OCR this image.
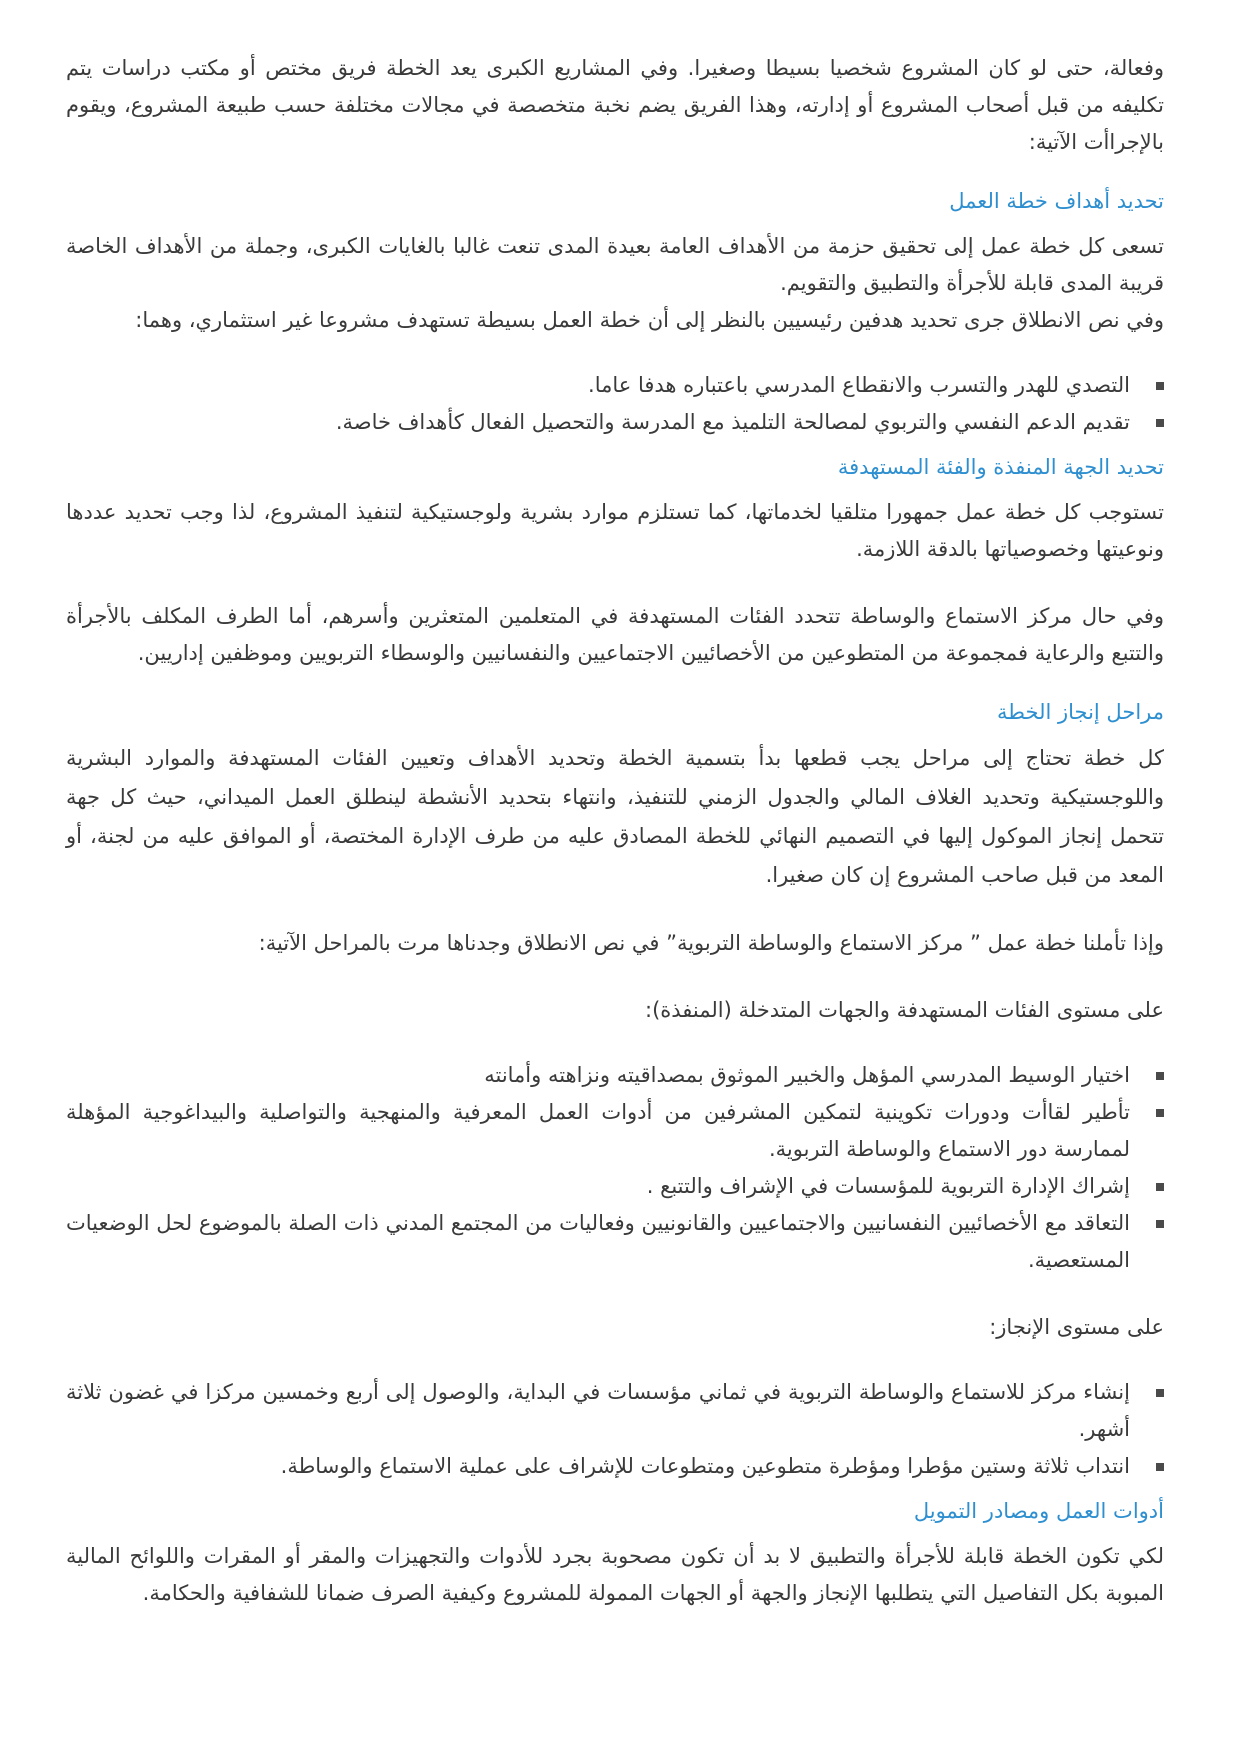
وفعالة، حتى لو كان المشروع شخصيا بسيطا وصغيرا. وفي المشاريع الكبرى يعد الخطة فريق مختص أو مكتب دراسات يتم تكليفه من قبل أصحاب المشروع أو إدارته، وهذا الفريق يضم نخبة متخصصة في مجالات مختلفة حسب طبيعة المشروع، ويقوم بالإجراأت الآتية:

تحديد أهداف خطة العمل

تسعى كل خطة عمل إلى تحقيق حزمة من الأهداف العامة بعيدة المدى تنعت غالبا بالغايات الكبرى، وجملة من الأهداف الخاصة قريبة المدى قابلة للأجرأة والتطبيق والتقويم.

وفي نص الانطلاق جرى تحديد هدفين رئيسيين بالنظر إلى أن خطة العمل بسيطة تستهدف مشروعا غير استثماري، وهما:

التصدي للهدر والتسرب والانقطاع المدرسي باعتباره هدفا عاما.
تقديم الدعم النفسي والتربوي لمصالحة التلميذ مع المدرسة والتحصيل الفعال كأهداف خاصة.
تحديد الجهة المنفذة والفئة المستهدفة

تستوجب كل خطة عمل جمهورا متلقيا لخدماتها، كما تستلزم موارد بشرية ولوجستيكية لتنفيذ المشروع، لذا وجب تحديد عددها ونوعيتها وخصوصياتها بالدقة اللازمة.

وفي حال مركز الاستماع والوساطة تتحدد الفئات المستهدفة في المتعلمين المتعثرين وأسرهم، أما الطرف المكلف بالأجرأة والتتبع والرعاية فمجموعة من المتطوعين من الأخصائيين الاجتماعيين والنفسانيين والوسطاء التربويين وموظفين إداريين.

مراحل إنجاز الخطة

كل خطة تحتاج إلى مراحل يجب قطعها بدأ بتسمية الخطة وتحديد الأهداف وتعيين الفئات المستهدفة والموارد البشرية واللوجستيكية وتحديد الغلاف المالي والجدول الزمني للتنفيذ، وانتهاء بتحديد الأنشطة لينطلق العمل الميداني، حيث كل جهة تتحمل إنجاز الموكول إليها في التصميم النهائي للخطة المصادق عليه من طرف الإدارة المختصة، أو الموافق عليه من لجنة، أو المعد من قبل صاحب المشروع إن كان صغيرا.

وإذا تأملنا خطة عمل ” مركز الاستماع والوساطة التربوية” في نص الانطلاق وجدناها مرت بالمراحل الآتية:

على مستوى الفئات المستهدفة والجهات المتدخلة (المنفذة):

اختيار الوسيط المدرسي المؤهل والخبير الموثوق بمصداقيته ونزاهته وأمانته
تأطير لقاأت ودورات تكوينية لتمكين المشرفين من أدوات العمل المعرفية والمنهجية والتواصلية والبيداغوجية المؤهلة لممارسة دور الاستماع والوساطة التربوية.
إشراك الإدارة التربوية للمؤسسات في الإشراف والتتبع .
التعاقد مع الأخصائيين النفسانيين والاجتماعيين والقانونيين وفعاليات من المجتمع المدني ذات الصلة بالموضوع لحل الوضعيات المستعصية.

على مستوى الإنجاز:

إنشاء مركز للاستماع والوساطة التربوية في ثماني مؤسسات في البداية، والوصول إلى أربع وخمسين مركزا في غضون ثلاثة أشهر.
انتداب ثلاثة وستين مؤطرا ومؤطرة متطوعين ومتطوعات للإشراف على عملية الاستماع والوساطة.
أدوات العمل ومصادر التمويل

لكي تكون الخطة قابلة للأجرأة والتطبيق لا بد أن تكون مصحوبة بجرد للأدوات والتجهيزات والمقر أو المقرات واللوائح المالية المبوبة بكل التفاصيل التي يتطلبها الإنجاز والجهة أو الجهات الممولة للمشروع وكيفية الصرف ضمانا للشفافية والحكامة.
